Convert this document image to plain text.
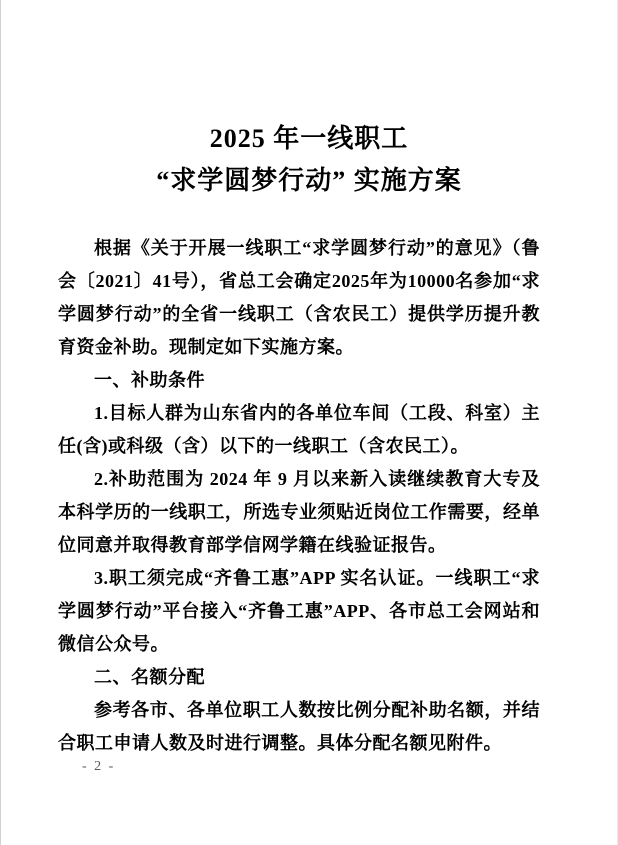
2025 年一线职工
“求学圆梦行动” 实施方案

根据《关于开展一线职工“求学圆梦行动”的意见》（鲁会〔2021〕41号），省总工会确定2025年为10000名参加“求学圆梦行动”的全省一线职工（含农民工）提供学历提升教育资金补助。现制定如下实施方案。

一、补助条件

1.目标人群为山东省内的各单位车间（工段、科室）主任(含)或科级（含）以下的一线职工（含农民工）。

2.补助范围为 2024 年 9 月以来新入读继续教育大专及本科学历的一线职工，所选专业须贴近岗位工作需要，经单位同意并取得教育部学信网学籍在线验证报告。

3.职工须完成“齐鲁工惠”APP 实名认证。一线职工“求学圆梦行动”平台接入“齐鲁工惠”APP、各市总工会网站和微信公众号。

二、名额分配

参考各市、各单位职工人数按比例分配补助名额，并结合职工申请人数及时进行调整。具体分配名额见附件。

- 2 -
